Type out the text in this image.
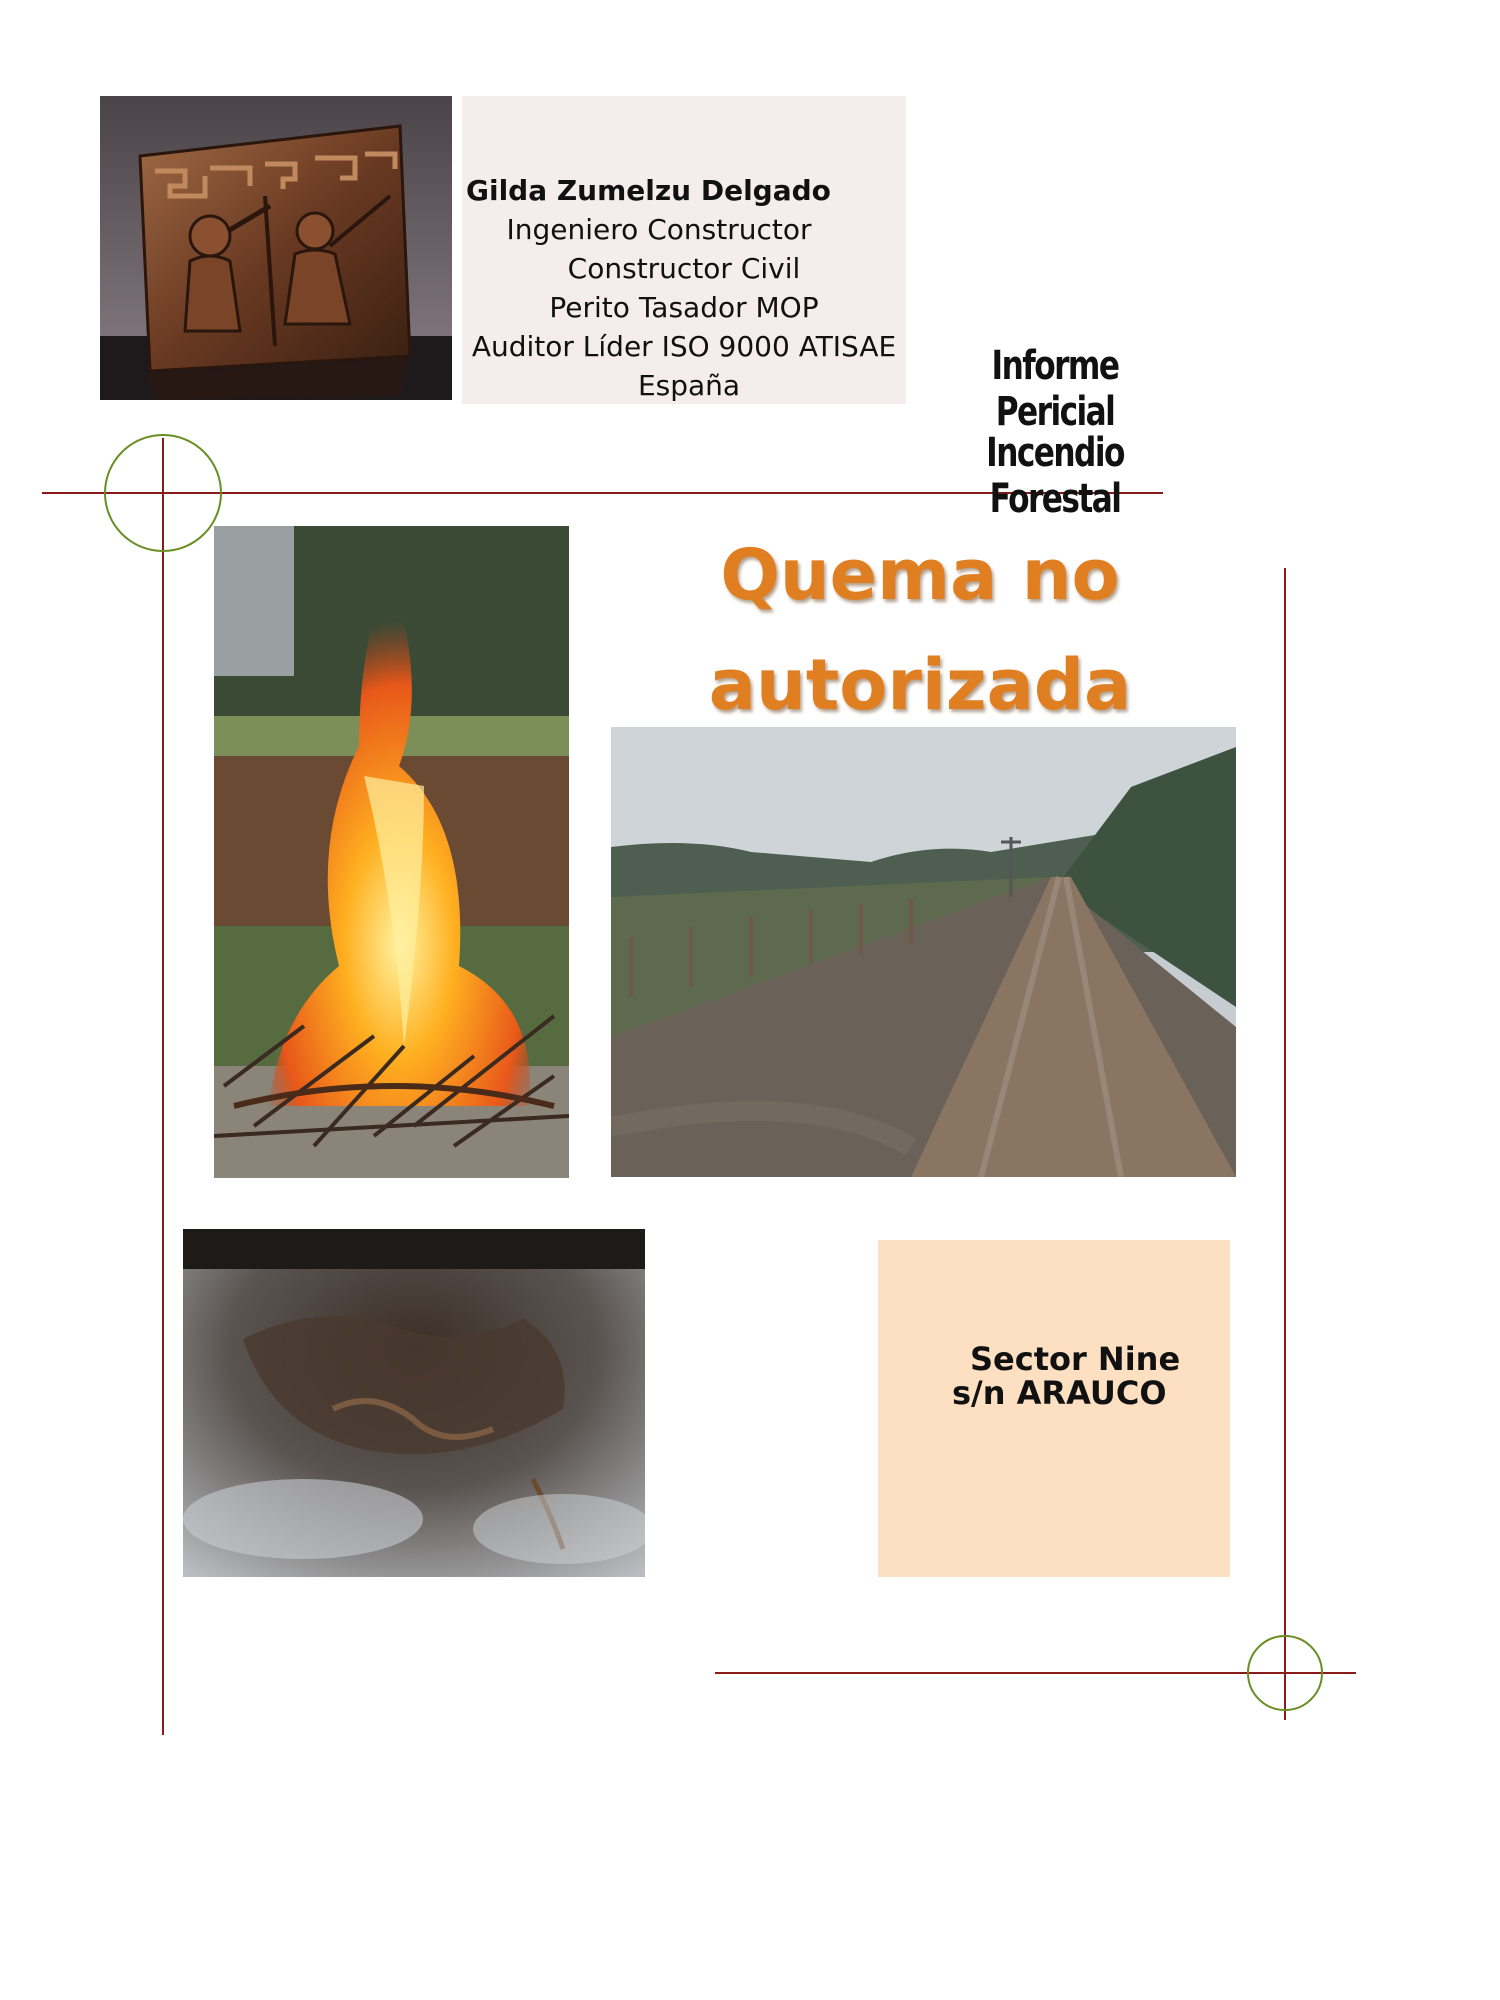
Gilda Zumelzu Delgado
Ingeniero Constructor
Constructor Civil
Perito Tasador MOP
Auditor Líder ISO 9000 ATISAE
España	Informe Pericial
Incendio Forestal
Quema no
autorizada
Sector Nine
s/n ARAUCO
